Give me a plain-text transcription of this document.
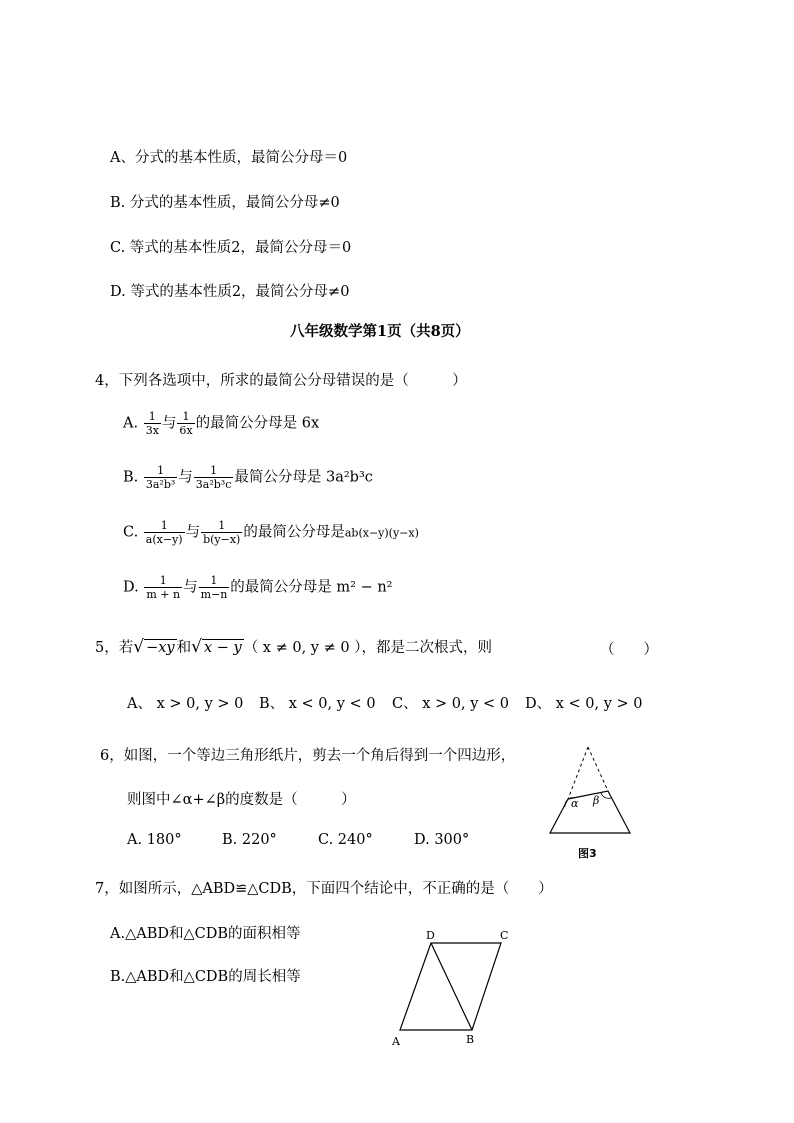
A、分式的基本性质，最简公分母＝0
B. 分式的基本性质，最简公分母≠0
C. 等式的基本性质2，最简公分母＝0
D. 等式的基本性质2，最简公分母≠0
八年级数学第1页（共8页）
4，下列各选项中，所求的最简公分母错误的是（　　　）
A. $\frac{1}{3x}$ 与 $\frac{1}{6x}$ 的最简公分母是 6x
B. $\frac{1}{\text{3a²b³}}$ 与 $\frac{1}{\text{3a²b³c}}$ 最简公分母是 3a²b³c
C. $\frac{1}{a(x-y)}$ 与 $\frac{1}{b(y-x)}$ 的最简公分母是ab(x−y)(y−x)
D. $\frac{1}{m + n}$ 与 $\frac{1}{m-n}$ 的最简公分母是 m² − n²
5，若√ −xy 和√ x − y （ x ≠ 0, y ≠ 0 ），都是二次根式，则	（　　）
A、 x > 0, y > 0 B、 x < 0, y < 0 C、 x > 0, y < 0 D、 x < 0, y > 0
6，如图，一个等边三角形纸片，剪去一个角后得到一个四边形，
则图中∠α+∠β的度数是（　　　）
A. 180°	B. 220°	C. 240°	D. 300°
α β
图3
7，如图所示，△ABD≌△CDB，下面四个结论中，不正确的是（　　）
A.△ABD和△CDB的面积相等
B.△ABD和△CDB的周长相等
D	C
A	B
